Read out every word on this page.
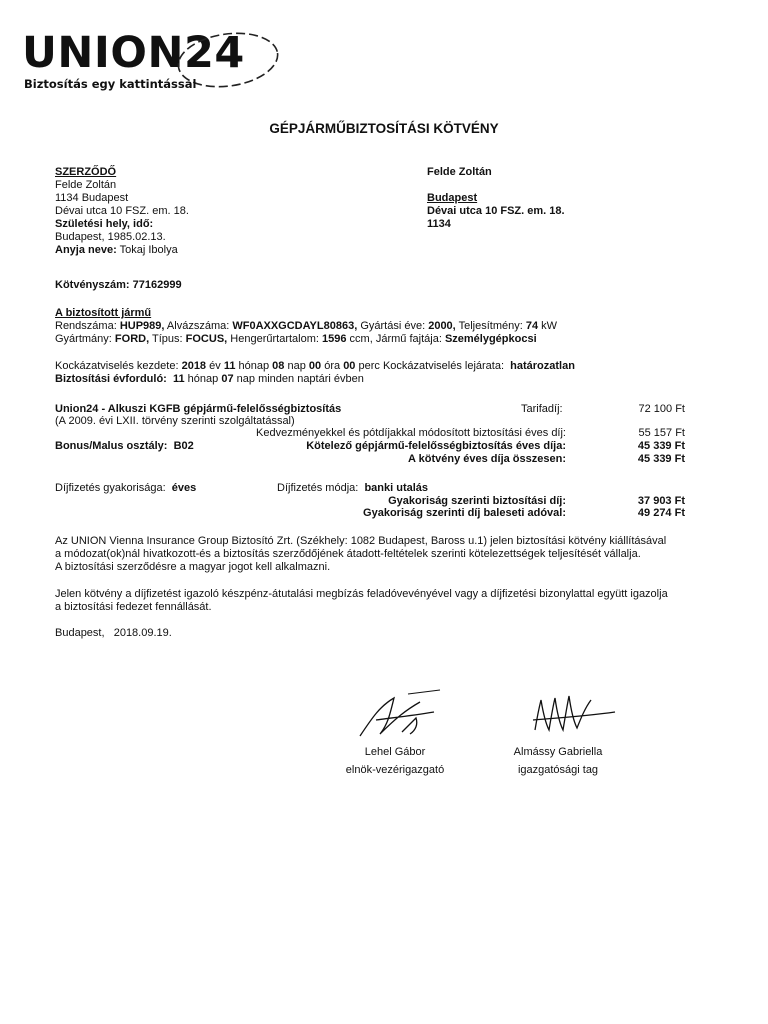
UNION24
Biztosítás egy kattintással
GÉPJÁRMŰBIZTOSÍTÁSI KÖTVÉNY
SZERZŐDŐ
Felde Zoltán
1134 Budapest
Dévai utca 10 FSZ. em. 18.
Születési hely, idő:
Budapest, 1985.02.13.
Anyja neve: Tokaj Ibolya
Felde Zoltán
Budapest
Dévai utca 10 FSZ. em. 18.
1134
Kötvényszám: 77162999
A biztosított jármű
Rendszáma: HUP989, Alvázszáma: WF0AXXGCDAYL80863, Gyártási éve: 2000, Teljesítmény: 74 kW
Gyártmány: FORD, Típus: FOCUS, Hengerűrtartalom: 1596 ccm, Jármű fajtája: Személygépkocsi
Kockázatviselés kezdete: 2018 év 11 hónap 08 nap 00 óra 00 perc Kockázatviselés lejárata: határozatlan
Biztosítási évforduló: 11 hónap 07 nap minden naptári évben
Union24 - Alkuszi KGFB gépjármű-felelősségbiztosítás
(A 2009. évi LXII. törvény szerinti szolgáltatással)
Tarifadíj:	72 100 Ft
Kedvezményekkel és pótdíjakkal módosított biztosítási éves díj:	55 157 Ft
Bonus/Malus osztály: B02	Kötelező gépjármű-felelősségbiztosítás éves díja:	45 339 Ft
A kötvény éves díja összesen:	45 339 Ft
Díjfizetés gyakorisága: éves	Díjfizetés módja: banki utalás
Gyakoriság szerinti biztosítási díj:	37 903 Ft
Gyakoriság szerinti díj baleseti adóval:	49 274 Ft
Az UNION Vienna Insurance Group Biztosító Zrt. (Székhely: 1082 Budapest, Baross u.1) jelen biztosítási kötvény kiállításával
a módozat(ok)nál hivatkozott-és a biztosítás szerződőjének átadott-feltételek szerinti kötelezettségek teljesítését vállalja.
A biztosítási szerződésre a magyar jogot kell alkalmazni.
Jelen kötvény a díjfizetést igazoló készpénz-átutalási megbízás feladóvevényével vagy a díjfizetési bizonylattal együtt igazolja
a biztosítási fedezet fennállását.
Budapest,   2018.09.19.
Lehel Gábor
elnök-vezérigazgató
Almássy Gabriella
igazgatósági tag
